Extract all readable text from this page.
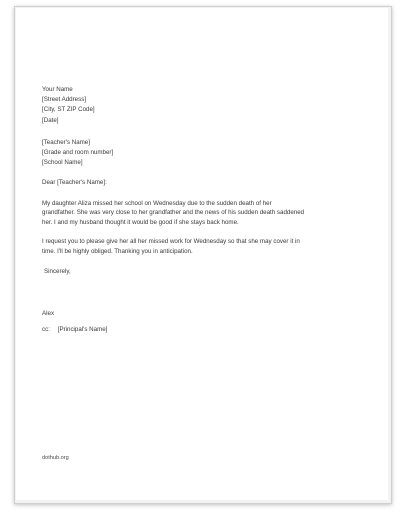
Your Name
[Street Address]
[City, ST ZIP Code]
[Date]
[Teacher's Name]
[Grade and room number]
[School Name]
Dear [Teacher's Name]:
My daughter Aliza missed her school on Wednesday due to the sudden death of her
grandfather. She was very close to her grandfather and the news of his sudden death saddened
her. I and my husband thought it would be good if she stays back home.
I request you to please give her all her missed work for Wednesday so that she may cover it in
time. I'll be highly obliged. Thanking you in anticipation.
Sincerely,
Alex
cc: [Principal's Name]
dothub.org
